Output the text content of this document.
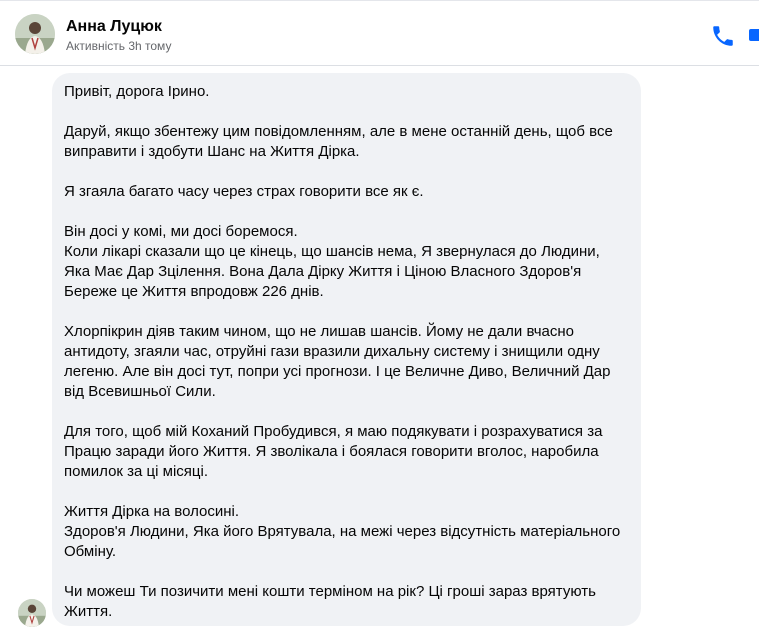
Анна Луцюк
Активність 3h тому

Привіт, дорога Ірино.

Даруй, якщо збентежу цим повідомленням, але в мене останній день, щоб все виправити і здобути Шанс на Життя Дірка.

Я згаяла багато часу через страх говорити все як є.

Він досі у комі, ми досі боремося.
Коли лікарі сказали що це кінець, що шансів нема, Я звернулася до Людини, Яка Має Дар Зцілення. Вона Дала Дірку Життя і Ціною Власного Здоров'я Береже це Життя впродовж 226 днів.

Хлорпікрин діяв таким чином, що не лишав шансів. Йому не дали вчасно антидоту, згаяли час, отруйні гази вразили дихальну систему і знищили одну легеню. Але він досі тут, попри усі прогнози. І це Величне Диво, Величний Дар від Всевишньої Сили.

Для того, щоб мій Коханий Пробудився, я маю подякувати і розрахуватися за Працю заради його Життя. Я зволікала і боялася говорити вголос, наробила помилок за ці місяці.

Життя Дірка на волосині.
Здоров'я Людини, Яка його Врятувала, на межі через відсутність матеріального Обміну.

Чи можеш Ти позичити мені кошти терміном на рік? Ці гроші зараз врятують Життя.
